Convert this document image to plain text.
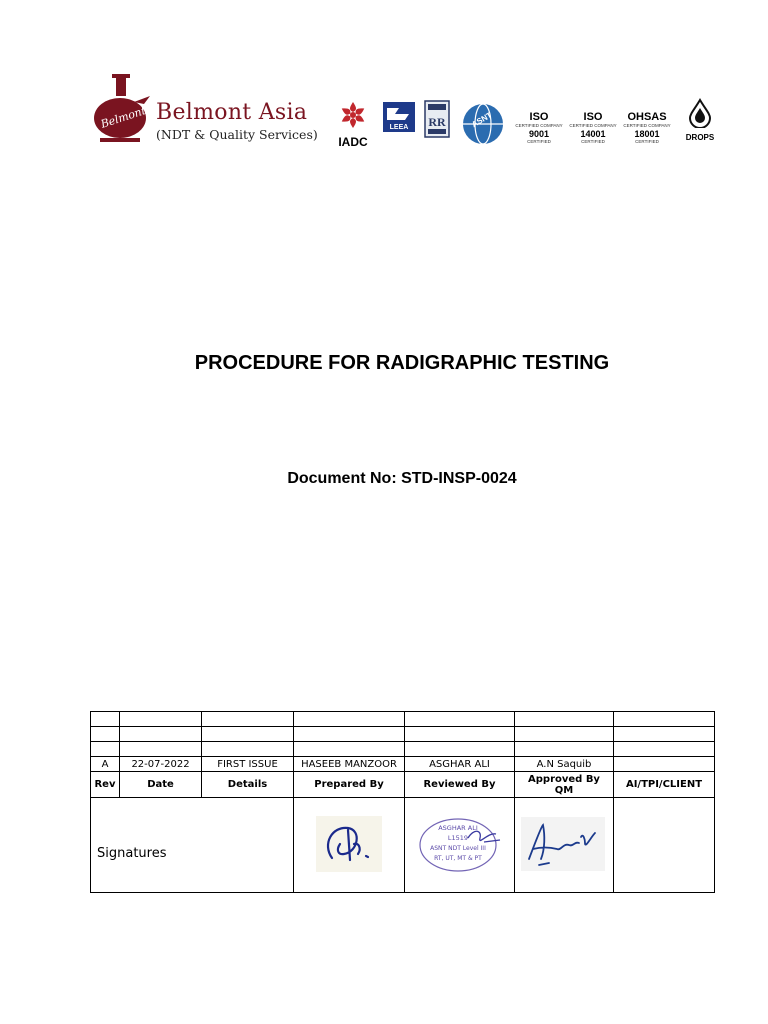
Belmont Belmont Asia
(NDT & Quality Services)	IADC
LEEA
RR	ASNT	ISO
CERTIFIED COMPANY
9001
CERTIFIED
ISO
CERTIFIED COMPANY
14001
CERTIFIED
OHSAS
CERTIFIED COMPANY
18001
CERTIFIED	DROPS
PROCEDURE FOR RADIGRAPHIC TESTING
Document No: STD-INSP-0024

A	22-07-2022	FIRST ISSUE	HASEEB MANZOOR	ASGHAR ALI	A.N Saquib	
Rev	Date	Details	Prepared By	Reviewed By	Approved By QM	AI/TPI/CLIENT
Signatures				ASGHAR ALI
L1519
ASNT NDT Level III
RT, UT, MT & PT
